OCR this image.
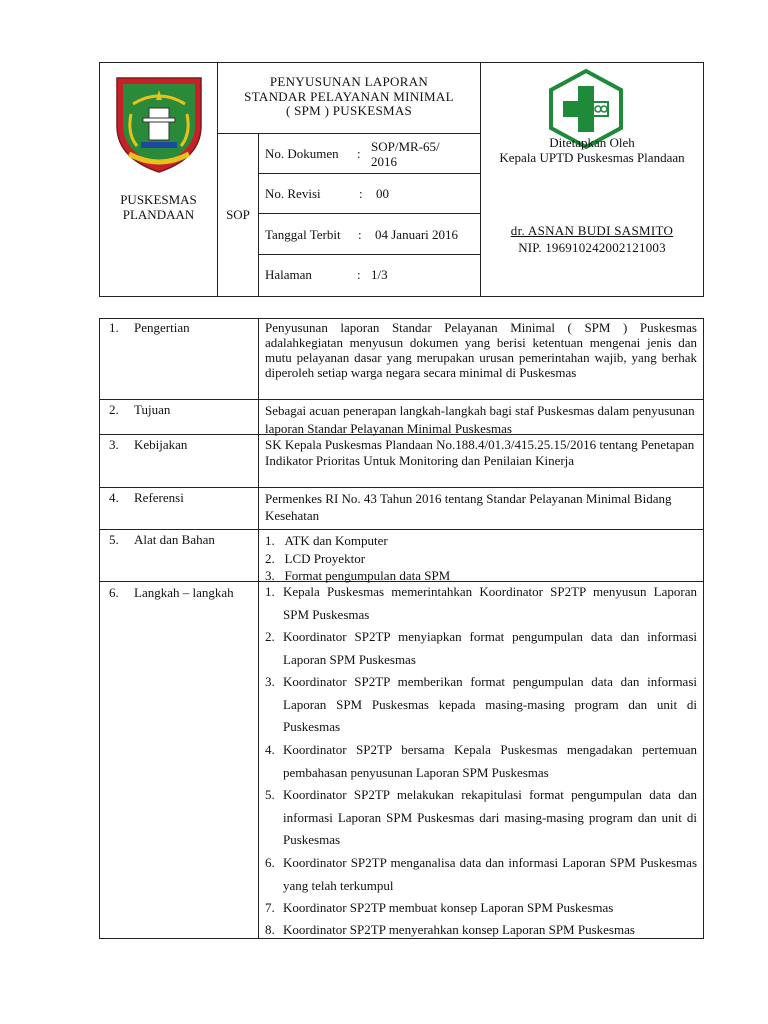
PUSKESMAS
PLANDAAN
PENYUSUNAN LAPORAN
STANDAR PELAYANAN MINIMAL
( SPM ) PUSKESMAS
SOP
No. Dokumen : SOP/MR-65/ 2016
No. Revisi	: 00
Tanggal Terbit : 04 Januari 2016
Halaman	: 1/3
Ditetapkan Oleh
Kepala UPTD Puskesmas Plandaan
dr. ASNAN BUDI SASMITO
NIP. 196910242002121003
1. Pengertian	Penyusunan laporan Standar Pelayanan Minimal ( SPM ) Puskesmas adalahkegiatan menyusun dokumen yang berisi ketentuan mengenai jenis dan mutu pelayanan dasar yang merupakan urusan pemerintahan wajib, yang berhak diperoleh setiap warga negara secara minimal di Puskesmas
2. Tujuan	Sebagai acuan penerapan langkah-langkah bagi staf Puskesmas dalam penyusunan laporan Standar Pelayanan Minimal Puskesmas
3. Kebijakan	SK Kepala Puskesmas Plandaan No.188.4/01.3/415.25.15/2016 tentang Penetapan Indikator Prioritas Untuk Monitoring dan Penilaian Kinerja
4. Referensi	Permenkes RI No. 43 Tahun 2016 tentang Standar Pelayanan Minimal Bidang Kesehatan
5. Alat dan Bahan	1. ATK dan Komputer
2. LCD Proyektor
3. Format pengumpulan data SPM
6. Langkah – langkah 1. Kepala Puskesmas memerintahkan Koordinator SP2TP menyusun Laporan SPM Puskesmas
2. Koordinator SP2TP menyiapkan format pengumpulan data dan informasi Laporan SPM Puskesmas
3. Koordinator SP2TP memberikan format pengumpulan data dan informasi Laporan SPM Puskesmas kepada masing-masing program dan unit di Puskesmas
4. Koordinator SP2TP bersama Kepala Puskesmas mengadakan pertemuan pembahasan penyusunan Laporan SPM Puskesmas
5. Koordinator SP2TP melakukan rekapitulasi format pengumpulan data dan informasi Laporan SPM Puskesmas dari masing-masing program dan unit di Puskesmas
6. Koordinator SP2TP menganalisa data dan informasi Laporan SPM Puskesmas yang telah terkumpul
7. Koordinator SP2TP membuat konsep Laporan SPM Puskesmas
8. Koordinator SP2TP menyerahkan konsep Laporan SPM Puskesmas
